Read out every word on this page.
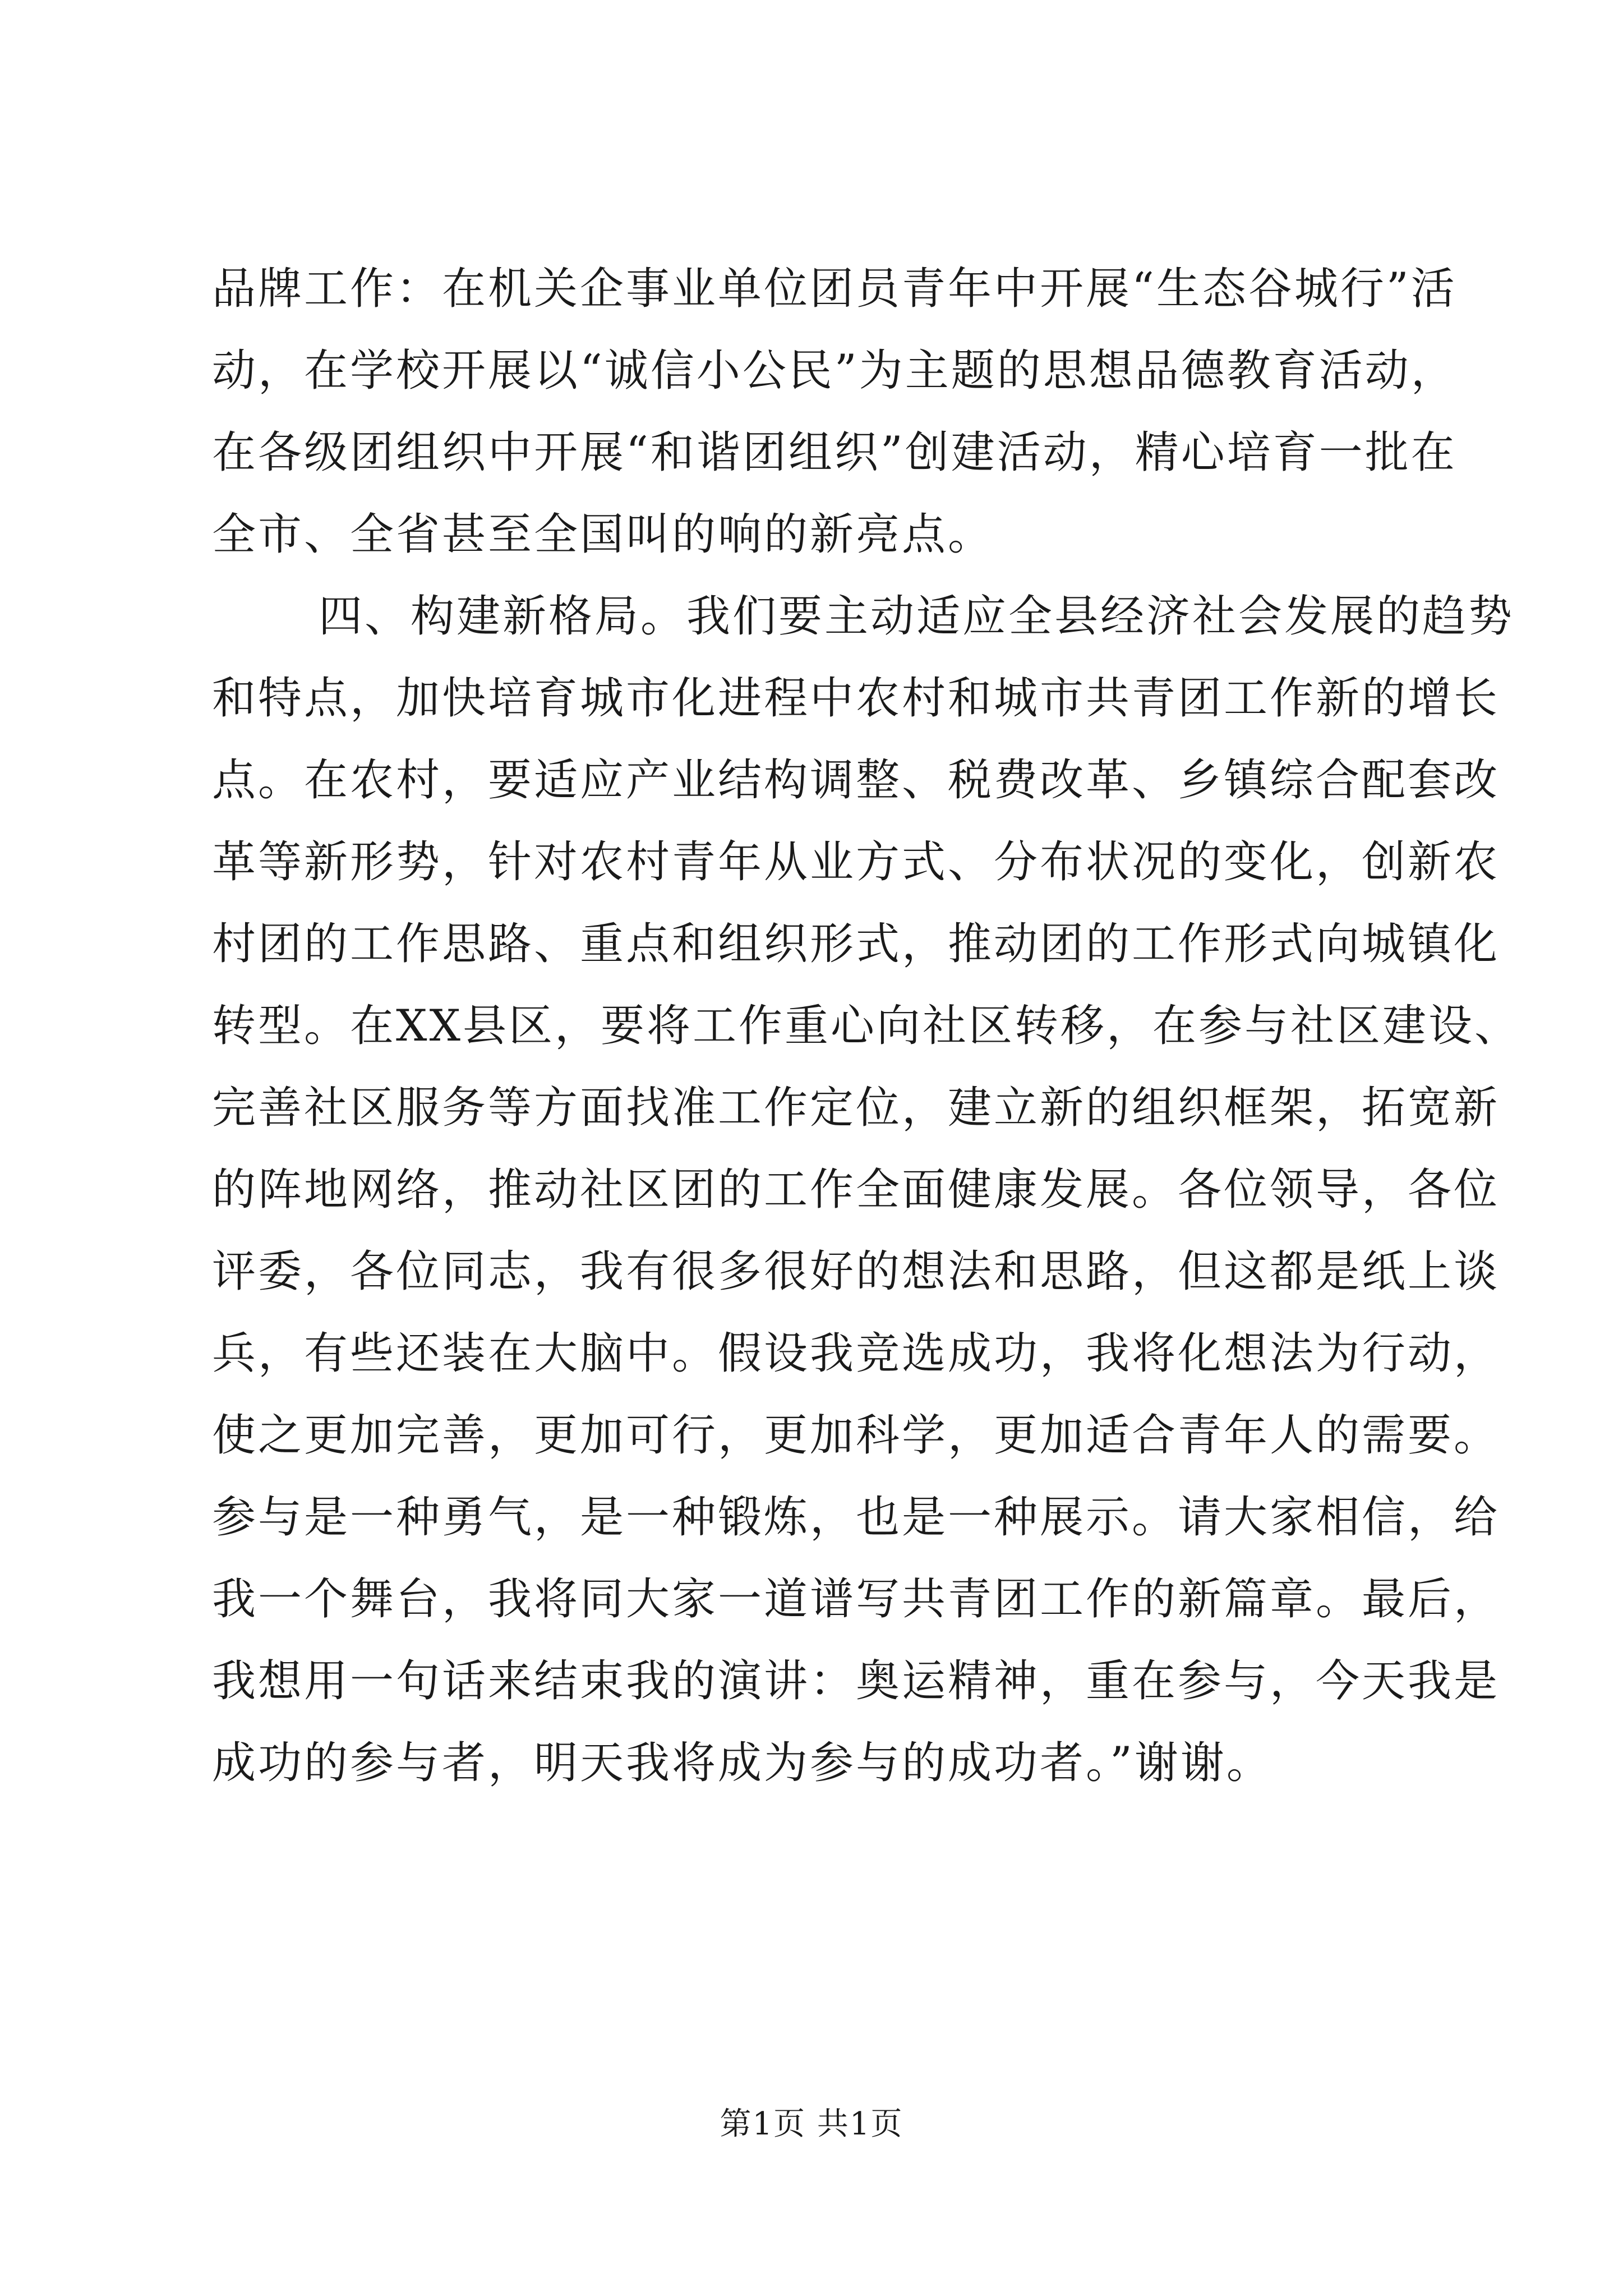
品牌工作：在机关企事业单位团员青年中开展“生态谷城行”活
动，在学校开展以“诚信小公民”为主题的思想品德教育活动，
在各级团组织中开展“和谐团组织”创建活动，精心培育一批在
全市、全省甚至全国叫的响的新亮点。
四、构建新格局。我们要主动适应全县经济社会发展的趋势
和特点，加快培育城市化进程中农村和城市共青团工作新的增长
点。在农村，要适应产业结构调整、税费改革、乡镇综合配套改
革等新形势，针对农村青年从业方式、分布状况的变化，创新农
村团的工作思路、重点和组织形式，推动团的工作形式向城镇化
转型。在XX县区，要将工作重心向社区转移，在参与社区建设、
完善社区服务等方面找准工作定位，建立新的组织框架，拓宽新
的阵地网络，推动社区团的工作全面健康发展。各位领导，各位
评委，各位同志，我有很多很好的想法和思路，但这都是纸上谈
兵，有些还装在大脑中。假设我竞选成功，我将化想法为行动，
使之更加完善，更加可行，更加科学，更加适合青年人的需要。
参与是一种勇气，是一种锻炼，也是一种展示。请大家相信，给
我一个舞台，我将同大家一道谱写共青团工作的新篇章。最后，
我想用一句话来结束我的演讲：奥运精神，重在参与，今天我是
成功的参与者，明天我将成为参与的成功者。”谢谢。
第1页 共1页
